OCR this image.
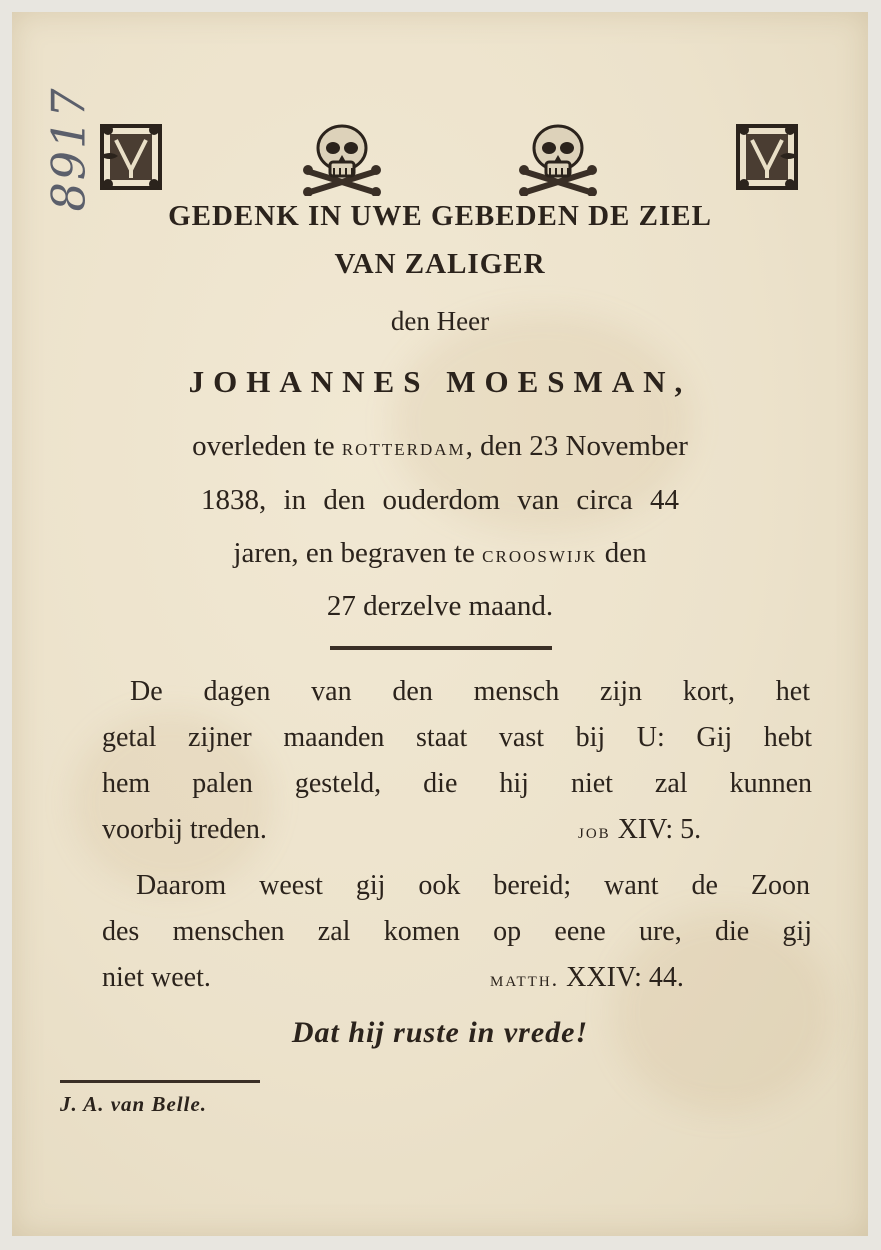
8917
GEDENK IN UWE GEBEDEN DE ZIEL
VAN ZALIGER
den Heer
JOHANNES MOESMAN,
overleden te rotterdam, den 23 November
1838, in den ouderdom van circa 44
jaren, en begraven te crooswijk den
27 derzelve maand.
De dagen van den mensch zijn kort, het
getal zijner maanden staat vast bij U: Gij hebt
hem palen gesteld, die hij niet zal kunnen
voorbij treden.	job XIV: 5.
Daarom weest gij ook bereid; want de Zoon
des menschen zal komen op eene ure, die gij
niet weet.	matth. XXIV: 44.
Dat hij ruste in vrede!
J. A. van Belle.
